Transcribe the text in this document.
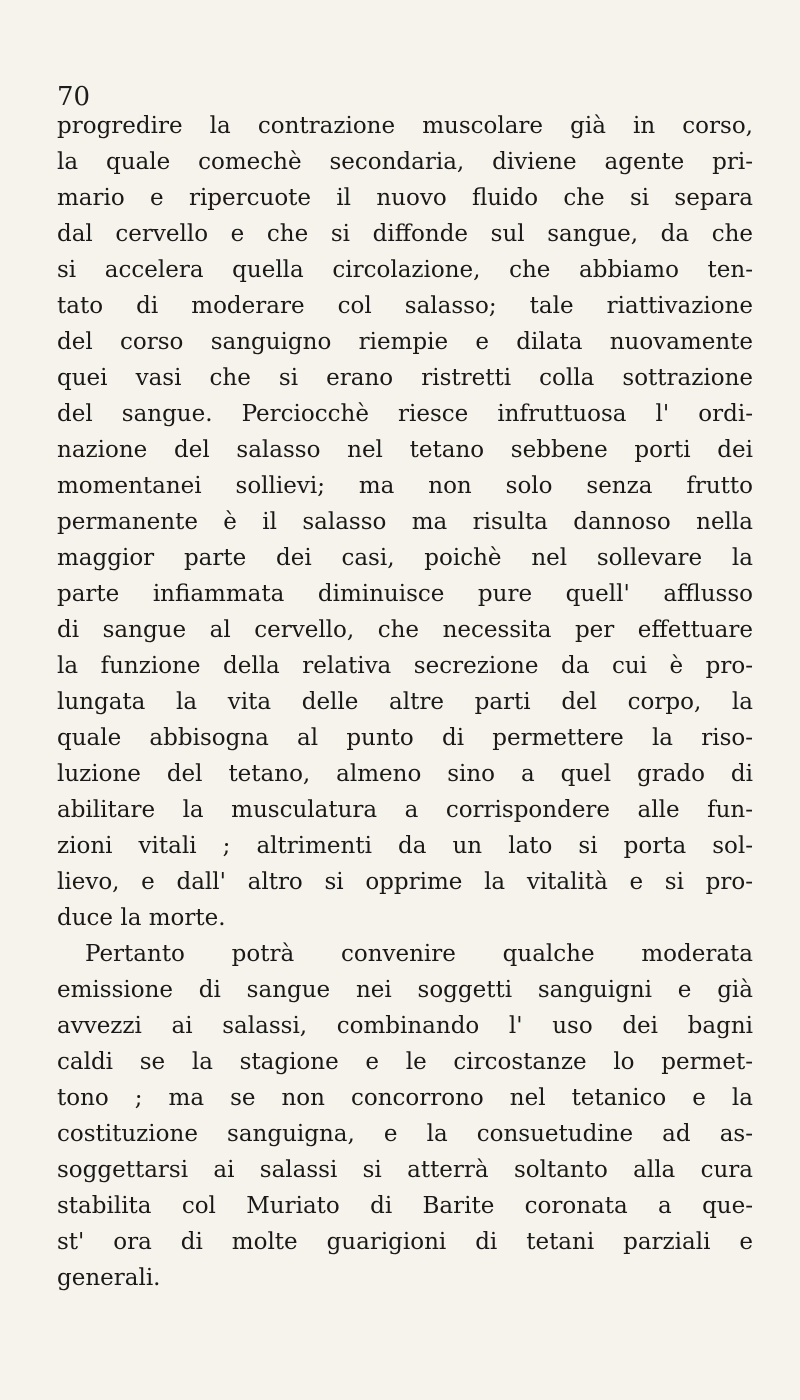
70
progredire la contrazione muscolare già in corso,
la quale comechè secondaria, diviene agente pri-
mario e ripercuote il nuovo fluido che si separa
dal cervello e che si diffonde sul sangue, da che
si accelera quella circolazione, che abbiamo ten-
tato di moderare col salasso; tale riattivazione
del corso sanguigno riempie e dilata nuovamente
quei vasi che si erano ristretti colla sottrazione
del sangue. Perciocchè riesce infruttuosa l' ordi-
nazione del salasso nel tetano sebbene porti dei
momentanei sollievi; ma non solo senza frutto
permanente è il salasso ma risulta dannoso nella
maggior parte dei casi, poichè nel sollevare la
parte infiammata diminuisce pure quell' afflusso
di sangue al cervello, che necessita per effettuare
la funzione della relativa secrezione da cui è pro-
lungata la vita delle altre parti del corpo, la
quale abbisogna al punto di permettere la riso-
luzione del tetano, almeno sino a quel grado di
abilitare la musculatura a corrispondere alle fun-
zioni vitali ; altrimenti da un lato si porta sol-
lievo, e dall' altro si opprime la vitalità e si pro-
duce la morte.
Pertanto potrà convenire qualche moderata
emissione di sangue nei soggetti sanguigni e già
avvezzi ai salassi, combinando l' uso dei bagni
caldi se la stagione e le circostanze lo permet-
tono ; ma se non concorrono nel tetanico e la
costituzione sanguigna, e la consuetudine ad as-
soggettarsi ai salassi si atterrà soltanto alla cura
stabilita col Muriato di Barite coronata a que-
st' ora di molte guarigioni di tetani parziali e
generali.
